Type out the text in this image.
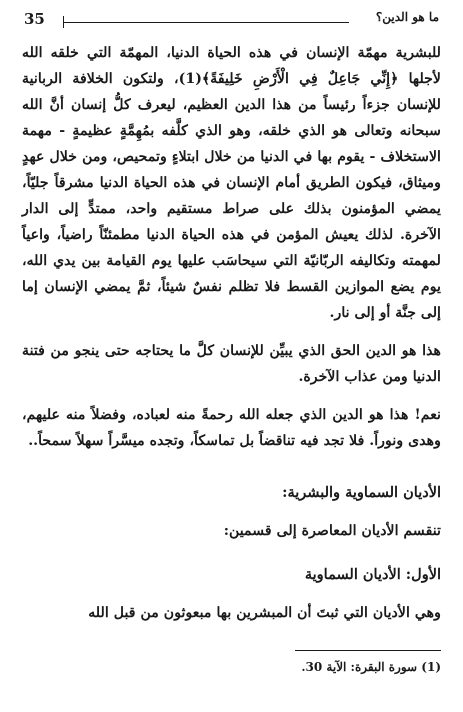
35	ما هو الدين؟

للبشرية مهمّة الإنسان في هذه الحياة الدنيا، المهمّة التي خلقه الله لأجلها ﴿إِنِّي جَاعِلٌ فِي الْأَرْضِ خَلِيفَةً﴾(1)، ولتكون الخلافة الربانية للإنسان جزءاً رئيساً من هذا الدين العظيم، ليعرف كلُّ إنسان أنَّ الله سبحانه وتعالى هو الذي خلقه، وهو الذي كلَّفه بمُهِمَّةٍ عظيمةٍ - مهمة الاستخلاف - يقوم بها في الدنيا من خلال ابتلاءٍ وتمحيص، ومن خلال عهدٍ وميثاق، فيكون الطريق أمام الإنسان في هذه الحياة الدنيا مشرقاً جليّاً، يمضي المؤمنون بذلك على صراط مستقيم واحد، ممتدٍّ إلى الدار الآخرة. لذلك يعيش المؤمن في هذه الحياة الدنيا مطمئنّاً راضياً، واعياً لمهمته وتكاليفه الربّانيّة التي سيحاسَب عليها يوم القيامة بين يدي الله، يوم يضع الموازين القسط فلا تظلم نفسٌ شيئاً، ثمَّ يمضي الإنسان إما إلى جنَّة أو إلى نار.

هذا هو الدين الحق الذي يبيِّن للإنسان كلَّ ما يحتاجه حتى ينجو من فتنة الدنيا ومن عذاب الآخرة.

نعم! هذا هو الدين الذي جعله الله رحمةً منه لعباده، وفضلاً منه عليهم، وهدى ونوراً. فلا تجد فيه تناقضاً بل تماسكاً، وتجده ميسَّراً سهلاً سمحاً..

الأديان السماوية والبشرية:

تنقسم الأديان المعاصرة إلى قسمين:

الأول: الأديان السماوية

وهي الأديان التي ثبتَ أن المبشرين بها مبعوثون من قبل الله

(1) سورة البقرة: الآية 30.
